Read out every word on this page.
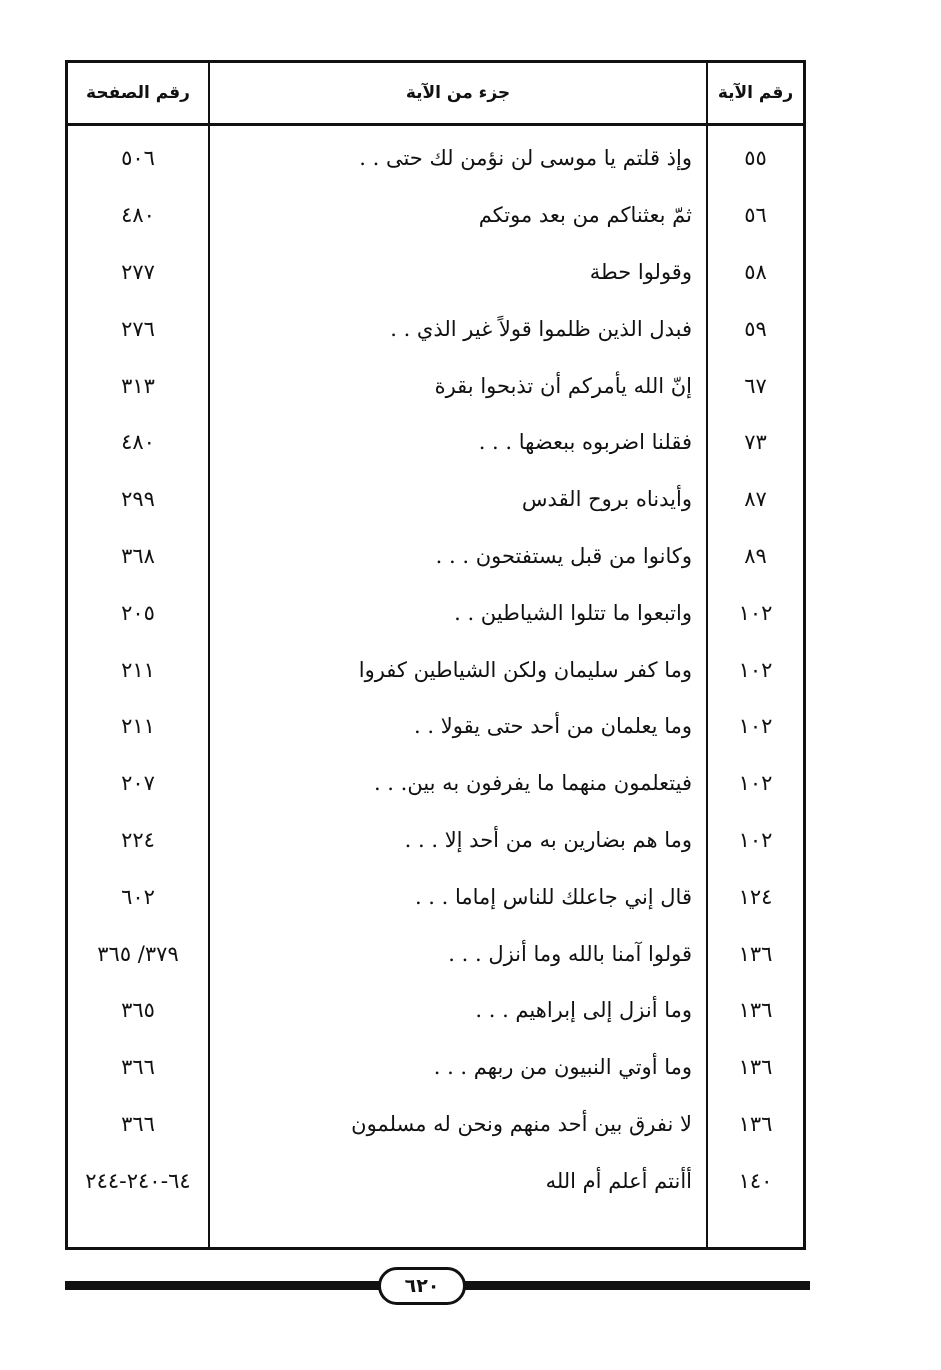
رقم الآية
جزء من الآية
رقم الصفحة
٥٥
وإذ قلتم يا موسى لن نؤمن لك حتى . .
٥٠٦
٥٦
ثمّ بعثناكم من بعد موتكم
٤٨٠
٥٨
وقولوا حطة
٢٧٧
٥٩
فبدل الذين ظلموا قولاً غير الذي . .
٢٧٦
٦٧
إنّ الله يأمركم أن تذبحوا بقرة
٣١٣
٧٣
فقلنا اضربوه ببعضها . . .
٤٨٠
٨٧
وأيدناه بروح القدس
٢٩٩
٨٩
وكانوا من قبل يستفتحون . . .
٣٦٨
١٠٢
واتبعوا ما تتلوا الشياطين . .
٢٠٥
١٠٢
وما كفر سليمان ولكن الشياطين كفروا
٢١١
١٠٢
وما يعلمان من أحد حتى يقولا . .
٢١١
١٠٢
فيتعلمون منهما ما يفرفون به بين. . .
٢٠٧
١٠٢
وما هم بضارين به من أحد إلا . . .
٢٢٤
١٢٤
قال إني جاعلك للناس إماما . . .
٦٠٢
١٣٦
قولوا آمنا بالله وما أنزل . . .
٣٧٩/ ٣٦٥
١٣٦
وما أنزل إلى إبراهيم . . .
٣٦٥
١٣٦
وما أوتي النبيون من ربهم . . .
٣٦٦
١٣٦
لا نفرق بين أحد منهم ونحن له مسلمون
٣٦٦
١٤٠
أأنتم أعلم أم الله
٦٤-٢٤٠-٢٤٤
٦٢٠
